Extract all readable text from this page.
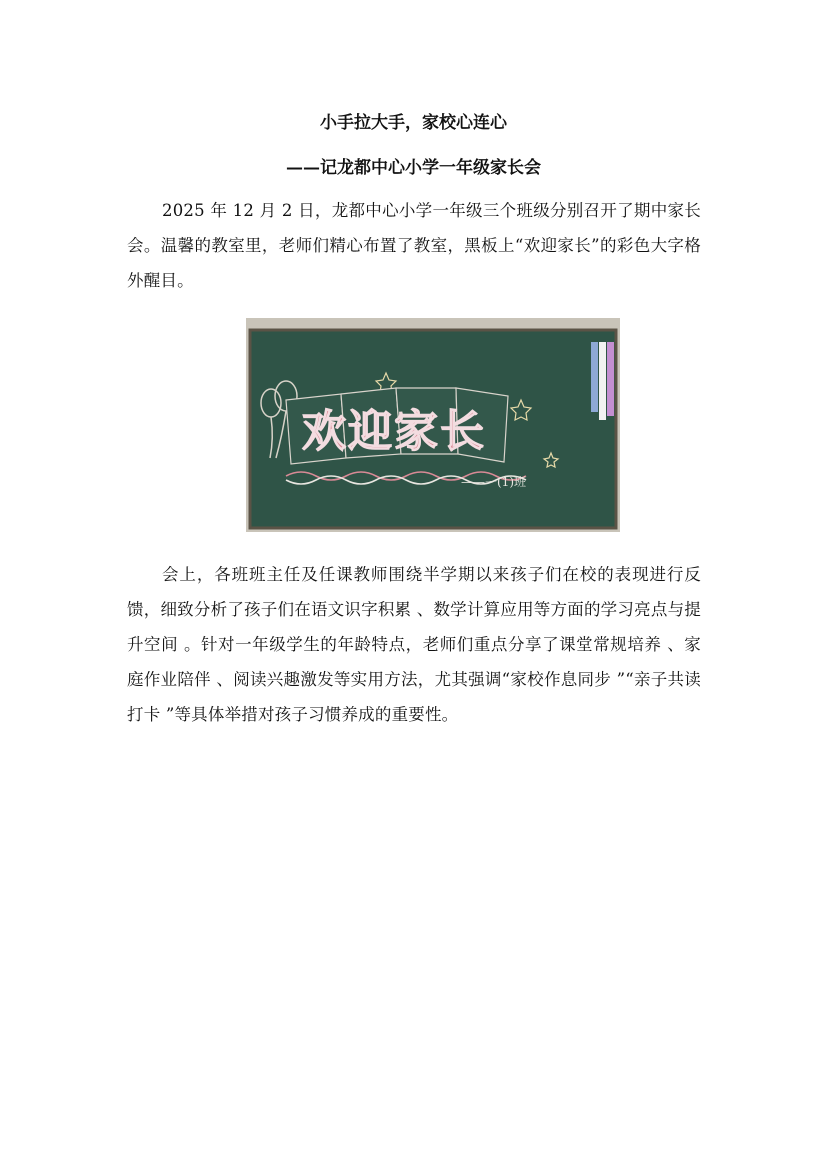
小手拉大手，家校心连心
——记龙都中心小学一年级家长会

2025 年 12 月 2 日，龙都中心小学一年级三个班级分别召开了期中家长会。温馨的教室里，老师们精心布置了教室，黑板上“欢迎家长”的彩色大字格外醒目。

欢迎家长
——一(1)班

会上，各班班主任及任课教师围绕半学期以来孩子们在校的表现进行反馈，细致分析了孩子们在语文识字积累 、数学计算应用等方面的学习亮点与提升空间 。针对一年级学生的年龄特点，老师们重点分享了课堂常规培养 、家庭作业陪伴 、阅读兴趣激发等实用方法，尤其强调“家校作息同步 ”“亲子共读打卡 ”等具体举措对孩子习惯养成的重要性。
